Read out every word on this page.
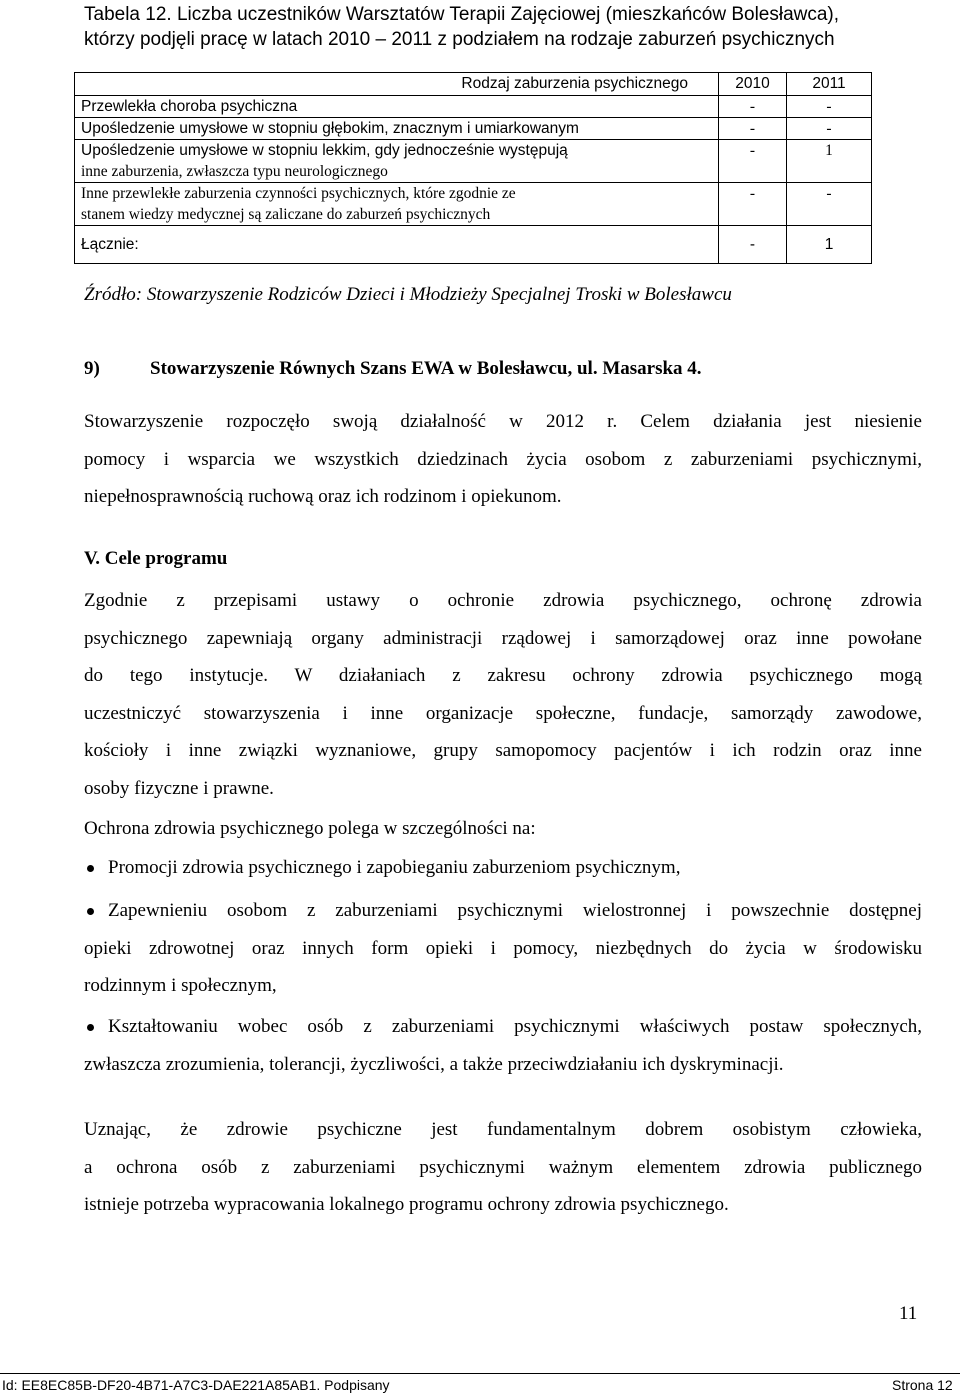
Tabela 12. Liczba uczestników Warsztatów Terapii Zajęciowej (mieszkańców Bolesławca),
którzy podjęli pracę w latach 2010 – 2011 z podziałem na rodzaje zaburzeń psychicznych
Rodzaj zaburzenia psychicznego	2010	2011
Przewlekła choroba psychiczna	-	-
Upośledzenie umysłowe w stopniu głębokim, znacznym i umiarkowanym	-	-

Upośledzenie umysłowe w stopniu lekkim, gdy jednocześnie występują
inne zaburzenia, zwłaszcza typu neurologicznego	-	1

Inne przewlekłe zaburzenia czynności psychicznych, które zgodnie ze
stanem wiedzy medycznej są zaliczane do zaburzeń psychicznych	-	-
Łącznie:	-	1
Źródło: Stowarzyszenie Rodziców Dzieci i Młodzieży Specjalnej Troski w Bolesławcu
9)	Stowarzyszenie Równych Szans EWA w Bolesławcu, ul. Masarska 4.
Stowarzyszenie rozpoczęło swoją działalność w 2012 r. Celem działania jest niesienie
pomocy i wsparcia we wszystkich dziedzinach życia osobom z zaburzeniami psychicznymi,
niepełnosprawnością ruchową oraz ich rodzinom i opiekunom.
V. Cele programu
Zgodnie z przepisami ustawy o ochronie zdrowia psychicznego, ochronę zdrowia
psychicznego zapewniają organy administracji rządowej i samorządowej oraz inne powołane
do tego instytucje. W działaniach z zakresu ochrony zdrowia psychicznego mogą
uczestniczyć stowarzyszenia i inne organizacje społeczne, fundacje, samorządy zawodowe,
kościoły i inne związki wyznaniowe, grupy samopomocy pacjentów i ich rodzin oraz inne
osoby fizyczne i prawne.
Ochrona zdrowia psychicznego polega w szczególności na:
Promocji zdrowia psychicznego i zapobieganiu zaburzeniom psychicznym,
Zapewnieniu osobom z zaburzeniami psychicznymi wielostronnej i powszechnie dostępnej
opieki zdrowotnej oraz innych form opieki i pomocy, niezbędnych do życia w środowisku
rodzinnym i społecznym,
Kształtowaniu wobec osób z zaburzeniami psychicznymi właściwych postaw społecznych,
zwłaszcza zrozumienia, tolerancji, życzliwości, a także przeciwdziałaniu ich dyskryminacji.
Uznając, że zdrowie psychiczne jest fundamentalnym dobrem osobistym człowieka,
a ochrona osób z zaburzeniami psychicznymi ważnym elementem zdrowia publicznego
istnieje potrzeba wypracowania lokalnego programu ochrony zdrowia psychicznego.
11
Id: EE8EC85B-DF20-4B71-A7C3-DAE221A85AB1. Podpisany	Strona 12
